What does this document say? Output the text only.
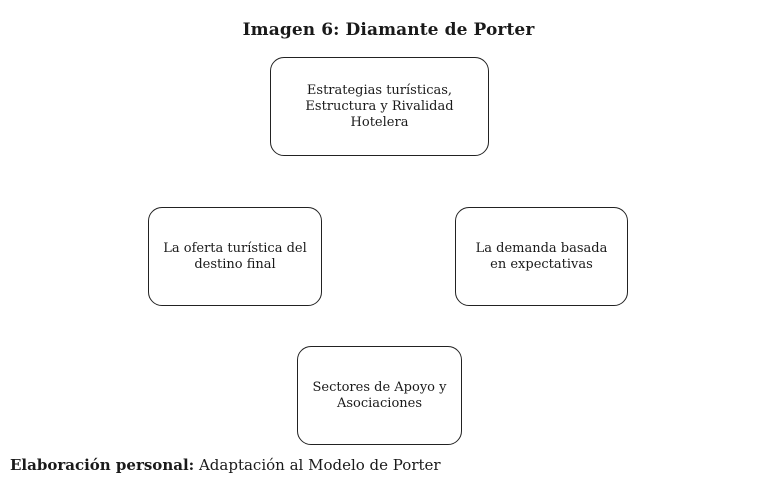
Imagen 6: Diamante de Porter
Estrategias turísticas,
Estructura y Rivalidad Hotelera
La oferta turística del
destino final
La demanda basada
en expectativas
Sectores de Apoyo y
Asociaciones
Elaboración personal: Adaptación al Modelo de Porter
